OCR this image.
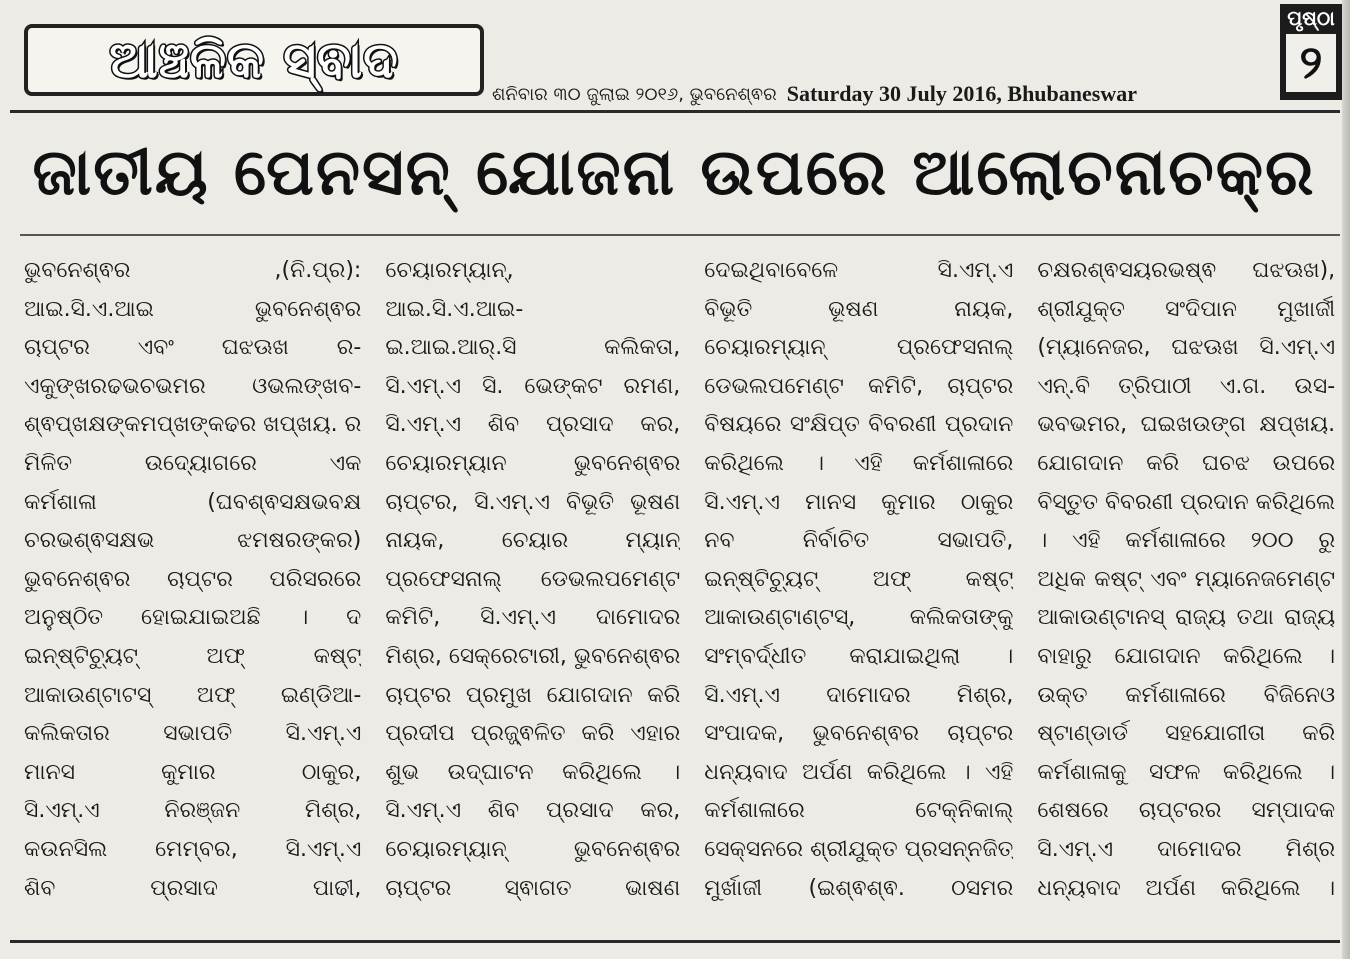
ଆଞ୍ଚଳିକ ସ୍ଵାଦ
ଶନିବାର ୩୦ ଜୁଲାଇ ୨୦୧୬, ଭୁବନେଶ୍ଵର Saturday 30 July 2016, Bhubaneswar
ପୃଷ୍ଠା
୨
ଜାତୀୟ ପେନସନ୍ ଯୋଜନା ଉପରେ ଆଲୋଚନାଚକ୍ର

ଭୁବନେଶ୍ଵର ,(ନି.ପ୍ର):

ଆଇ.ସି.ଏ.ଆଇ ଭୁବନେଶ୍ଵର

ଚାପ୍ଟର ଏବଂ ଘଝଊଖ ର-

ଏକୁଙ୍ଖରଢଭଚଭମର ଓଭଲଙ୍ଖବ-

ଶ୍ଵପ୍ଖକ୍ଷଙ୍କମପ୍ଖଙ୍କଢର ଖପ୍ଖୟ. ର

ମିଳିତ ଉଦ୍ୟୋଗରେ ଏକ

କର୍ମଶାଳା (ଘବଶ୍ଵସକ୍ଷଭବକ୍ଷ

ଚରଭଶ୍ଵସକ୍ଷଭ ଝମଷରଙ୍କର)

ଭୁବନେଶ୍ଵର ଚାପ୍ଟର ପରିସରରେ

ଅନୁଷ୍ଠିତ ହୋଇଯାଇଅଛି । ଦ

ଇନ୍ଷ୍ଟିଚ୍ୟୁଟ୍ ଅଫ୍ କଷ୍ଟ୍

ଆକାଉଣ୍ଟାଟସ୍ ଅଫ୍ ଇଣ୍ଡିଆ-

କଲିକତାର ସଭାପତି ସି.ଏମ୍.ଏ

ମାନସ କୁମାର ଠାକୁର,

ସି.ଏମ୍.ଏ ନିରଞ୍ଜନ ମିଶ୍ର,

କଉନସିଲ ମେମ୍ବର, ସି.ଏମ୍.ଏ

ଶିବ ପ୍ରସାଦ ପାଢୀ,

ଚେୟାରମ୍ୟାନ୍,

ଆଇ.ସି.ଏ.ଆଇ-

ଇ.ଆଇ.ଆର୍.ସି କଲିକତା,

ସି.ଏମ୍.ଏ ସି. ଭେଙ୍କଟ ରମଣ,

ସି.ଏମ୍.ଏ ଶିବ ପ୍ରସାଦ କର,

ଚେୟାରମ୍ୟାନ ଭୁବନେଶ୍ଵର

ଚାପ୍ଟର, ସି.ଏମ୍.ଏ ବିଭୂତି ଭୂଷଣ

ନାୟକ, ଚେୟାର ମ୍ୟାନ୍

ପ୍ରଫେସନାଲ୍ ଡେଭଲପମେଣ୍ଟ

କମିଟି, ସି.ଏମ୍.ଏ ଦାମୋଦର

ମିଶ୍ର, ସେକ୍ରେଟାରୀ, ଭୁବନେଶ୍ଵର

ଚାପ୍ଟର ପ୍ରମୁଖ ଯୋଗଦାନ କରି

ପ୍ରଦୀପ ପ୍ରଜ୍ଜ୍ଵଳିତ କରି ଏହାର

ଶୁଭ ଉଦ୍‌ଘାଟନ କରିଥିଲେ ।

ସି.ଏମ୍.ଏ ଶିବ ପ୍ରସାଦ କର,

ଚେୟାରମ୍ୟାନ୍ ଭୁବନେଶ୍ଵର

ଚାପ୍ଟର ସ୍ଵାଗତ ଭାଷଣ

ଦେଇଥିବାବେଳେ ସି.ଏମ୍.ଏ

ବିଭୂତି ଭୂଷଣ ନାୟକ,

ଚେୟାରମ୍ୟାନ୍ ପ୍ରଫେସନାଲ୍

ଡେଭଲପମେଣ୍ଟ କମିଟି, ଚାପ୍ଟର

ବିଷୟରେ ସଂକ୍ଷିପ୍ତ ବିବରଣୀ ପ୍ରଦାନ

କରିଥିଲେ । ଏହି କର୍ମଶାଳାରେ

ସି.ଏମ୍.ଏ ମାନସ କୁମାର ଠାକୁର

ନବ ନିର୍ବାଚିତ ସଭାପତି,

ଇନ୍ଷ୍ଟିଚ୍ୟୁଟ୍ ଅଫ୍ କଷ୍ଟ୍

ଆକାଉଣ୍ଟାଣ୍ଟସ୍, କଲିକତାଙ୍କୁ

ସଂମ୍ବର୍ଦ୍ଧୀତ କରାଯାଇଥିଲା ।

ସି.ଏମ୍.ଏ ଦାମୋଦର ମିଶ୍ର,

ସଂପାଦକ, ଭୁବନେଶ୍ଵର ଚାପ୍ଟର

ଧନ୍ୟବାଦ ଅର୍ପଣ କରିଥିଲେ । ଏହି

କର୍ମଶାଳାରେ ଟେକ୍‌ନିକାଲ୍

ସେକ୍‌ସନରେ ଶ୍ରୀଯୁକ୍ତ ପ୍ରସନ୍ନଜିତ୍

ମୁର୍ଖାଜୀ (ଇଶ୍ଵଶ୍ଵ. ଠସମର

ଚକ୍ଷରଶ୍ଵସୟରଭଷ୍ଵ ଘଝଊଖ),

ଶ୍ରୀଯୁକ୍ତ ସଂଦିପାନ ମୁଖାର୍ଜୀ

(ମ୍ୟାନେଜର, ଘଝଊଖ ସି.ଏମ୍.ଏ

ଏନ୍.ବି ତ୍ରିପାଠୀ ଏ.ଗ. ଉସ-

ଭବଭମର, ଘଇଖଉଙ୍ଗ କ୍ଷପ୍ଖୟ.

ଯୋଗଦାନ କରି ଘଚଝ ଉପରେ

ବିସ୍ତୁତ ବିବରଣୀ ପ୍ରଦାନ କରିଥିଲେ

। ଏହି କର୍ମଶାଳାରେ ୨୦୦ ରୁ

ଅଧିକ କଷ୍ଟ୍ ଏବଂ ମ୍ୟାନେଜମେଣ୍ଟ

ଆକାଉଣ୍ଟାନସ୍ ରାଜ୍ୟ ତଥା ରାଜ୍ୟ

ବାହାରୁ ଯୋଗଦାନ କରିଥିଲେ ।

ଉକ୍ତ କର୍ମଶାଳାରେ ବିଜିନେଓ

ଷ୍ଟାଣ୍ଡାର୍ଡ ସହଯୋଗୀତା କରି

କର୍ମଶାଳାକୁ ସଫଳ କରିଥିଲେ ।

ଶେଷରେ ଚାପ୍ଟରର ସମ୍ପାଦକ

ସି.ଏମ୍.ଏ ଦାମୋଦର ମିଶ୍ର

ଧନ୍ୟବାଦ ଅର୍ପଣ କରିଥିଲେ ।
